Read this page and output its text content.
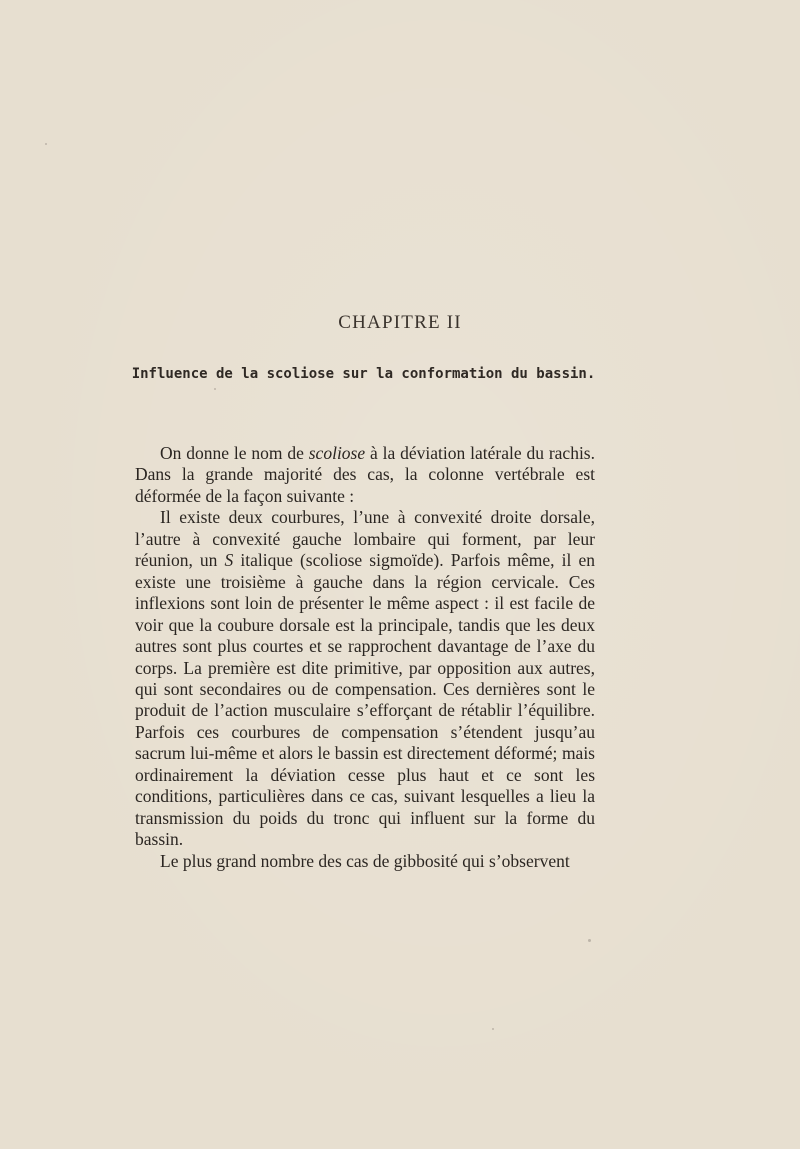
CHAPITRE II
Influence de la scoliose sur la conformation du bassin.

On donne le nom de scoliose à la déviation latérale du rachis. Dans la grande majorité des cas, la colonne vertébrale est déformée de la façon suivante :

Il existe deux courbures, l’une à convexité droite dorsale, l’autre à convexité gauche lombaire qui forment, par leur réunion, un S italique (scoliose sigmoïde). Parfois même, il en existe une troisième à gauche dans la région cervicale. Ces inflexions sont loin de présenter le même aspect : il est facile de voir que la coubure dorsale est la principale, tandis que les deux autres sont plus courtes et se rapprochent davantage de l’axe du corps. La première est dite primitive, par opposition aux autres, qui sont secondaires ou de compensation. Ces dernières sont le produit de l’action musculaire s’efforçant de rétablir l’équilibre. Parfois ces courbures de compensation s’étendent jusqu’au sacrum lui-même et alors le bassin est directement déformé; mais ordinairement la déviation cesse plus haut et ce sont les conditions, particulières dans ce cas, suivant lesquelles a lieu la transmission du poids du tronc qui influent sur la forme du bassin.

Le plus grand nombre des cas de gibbosité qui s’observent
